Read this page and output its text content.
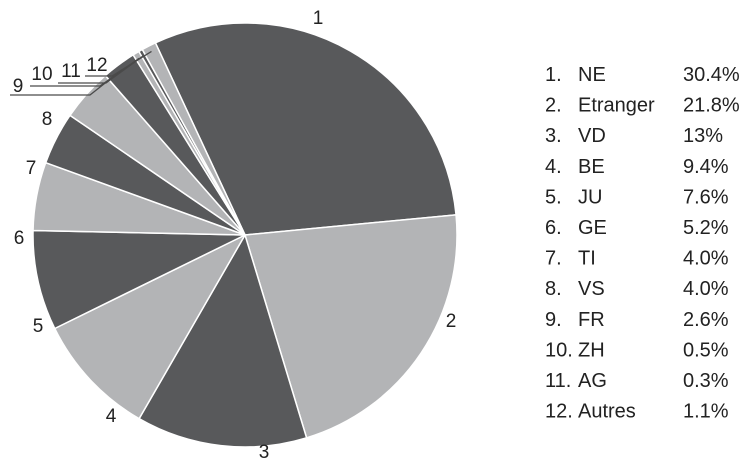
1
2
3
4
5
6
7
8
9
10 11 12	1. NE	30.4%
2. Etranger 21.8%
3. VD	13%
4. BE	9.4%
5. JU	7.6%
6. GE	5.2%
7. TI	4.0%
8. VS	4.0%
9. FR	2.6%
10. ZH	0.5%
11. AG	0.3%
12. Autres 1.1%
